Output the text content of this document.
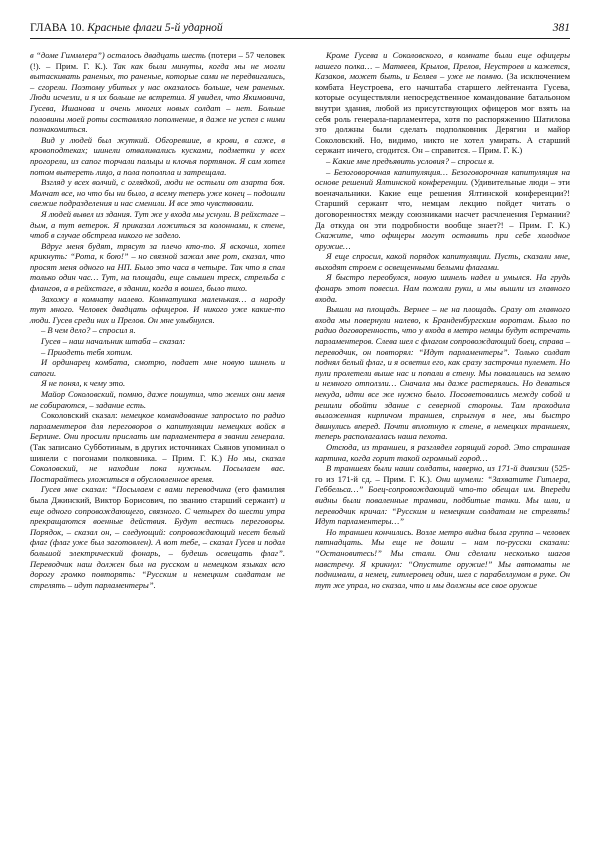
ГЛАВА 10. Красные флаги 5-й ударной	381

в “доме Гиммлера”) осталось двадцать шесть (потери – 57 человек (!). – Прим. Г. К.). Так как были минуты, когда мы не могли вытаскивать раненых, то раненые, которые сами не передвигались, – сгорели. Поэтому убитых у нас оказалось больше, чем раненых. Люди исчезли, и я их больше не встретил. Я увидел, что Якимовича, Гусева, Ишанова и очень многих новых солдат – нет. Больше половины моей роты составляло пополнение, я даже не успел с ними познакомиться.

Вид у людей был жуткий. Обгоревшие, в крови, в саже, в кровоподтеках; шинели отваливались кусками, подметки у всех прогорели, из сапог торчали пальцы и клочья портянок. Я сам хотел потом вытереть лицо, а пола пополпла и затрещала.

Взгляд у всех волчий, с оглядкой, люди не остыли от азарта боя. Молчат все, но что бы ни было, а всему теперь уже конец – подошли свежие подразделения и нас сменили. И все это чувствовали.

Я людей вывел из здания. Тут же у входа мы уснули. В рейхстаге – дым, а тут ветерок. Я приказал ложиться за колоннами, к стене, чтоб в случае обстрела никого не задело.

Вдруг меня будят, трясут за плечо кто-то. Я вскочил, хотел крикнуть: “Рота, к бою!” – но связной зажал мне рот, сказал, что просят меня одного на НП. Было это часа в четыре. Так что я спал только один час… Тут, на площади, еще слышен треск, стрельба с флангов, а в рейхстаге, в здании, когда я вошел, было тихо.

Захожу в комнату налево. Комнатушка маленькая… а народу тут много. Человек двадцать офицеров. И никого уже какие-то люди. Гусев среди них и Прелов. Он мне улыбнулся.

– В чем дело? – спросил я.

Гусев – наш начальник штаба – сказал:

– Приодеть тебя хотим.

И ординарец комбата, смотрю, подает мне новую шинель и сапоги.

Я не понял, к чему это.

Майор Соколовский, помню, даже пошутил, что жених они меня не собираются, – задание есть.

Соколовский сказал: немецкое командование запросило по радио парламентеров для переговоров о капитуляции немецких войск в Берлине. Они просили прислать им парламентера в звании генерала. (Так записано Субботиным, в других источниках Сьянов упоминал о шинели с погонами полковника. – Прим. Г. К.) Но мы, сказал Соколовский, не находим пока нужным. Посылаем вас. Постарайтесь уложиться в обусловленное время.

Гусев мне сказал: “Посылаем с вами переводчика (его фамилия была Джинский, Виктор Борисович, по званию старший сержант) и еще одного сопровождающего, связного. С четырех до шести утра прекращаются военные действия. Будут вестись переговоры. Порядок, – сказал он, – следующий: сопровождающий несет белый флаг (флаг уже был заготовлен). А вот тебе, – сказал Гусев и подал большой электрический фонарь, – будешь освещать флаг”. Переводчик наш должен был на русском и немецком языках всю дорогу громко повторять: “Русским и немецким солдатам не стрелять – идут парламентеры”.

Кроме Гусева и Соколовского, в комнате были еще офицеры нашего полка… – Матвеев, Крылов, Прелов, Неустроев и кажется, Казаков, может быть, и Беляев – уже не помню. (За исключением комбата Неустроева, его начштаба старшего лейтенанта Гусева, которые осуществляли непосредственное командование батальоном внутри здания, любой из присутствующих офицеров мог взять на себя роль генерала-парламентера, хотя по распоряжению Шатилова это должны были сделать подполковник Дерягин и майор Соколовский. Но, видимо, никто не хотел умирать. А старший сержант ничего, сгодится. Он – справится. – Прим. Г. К.)

– Какие мне предъявить условия? – спросил я.

– Безоговорочная капитуляция… Безоговорочная капитуляция на основе решений Ялтинской конференции. (Удивительные люди – эти военачальники. Какие еще решения Ялтинской конференции?! Старший сержант что, немцам лекцию пойдет читать о договоренностях между союзниками насчет расчленения Германии? Да откуда он эти подробности вообще знает?! – Прим. Г. К.) Скажите, что офицеры могут оставить при себе холодное оружие…

Я еще спросил, какой порядок капитуляции. Пусть, сказали мне, выходят строем с освещенными белыми флагами.

Я быстро переобулся, новую шинель надел и умылся. На грудь фонарь этот повесил. Нам пожали руки, и мы вышли из главного входа.

Вышли на площадь. Вернее – не на площадь. Сразу от главного входа мы повернули налево, к Бранденбургским воротам. Было по радио договоренность, что у входа в метро немцы будут встречать парламентеров. Слева шел с флагом сопровождающий боец, справа – переводчик, он повторял: “Идут парламентеры”. Только солдат поднял белый флаг, и я осветил его, как сразу застрочил пулемет. Но пули пролетели выше нас и попали в стену. Мы повалились на землю и немного отползли… Сначала мы даже растерялись. Но деваться некуда, идти все же нужно было. Посоветовались между собой и решили обойти здание с северной стороны. Там проходила выложенная кирпичом траншея, спрыгнув в нее, мы быстро двинулись вперед. Почти вплотную к стене, в немецких траншеях, теперь располагалась наша пехота.

Отсюда, из траншеи, я разглядел горящий город. Это страшная картина, когда горит такой огромный город…

В траншеях были наши солдаты, наверно, из 171-й дивизии (525-го из 171-й сд. – Прим. Г. К.). Они шумели: “Захватите Гитлера, Геббельса…” Боец-сопровождающий что-то обещал им. Впереди видны были поваленные трамваи, подбитые танки. Мы шли, и переводчик кричал: “Русским и немецким солдатам не стрелять! Идут парламентеры…”

Но траншеи кончились. Возле метро видна была группа – человек пятнадцать. Мы еще не дошли – нам по-русски сказали: “Остановитесь!” Мы стали. Они сделали несколько шагов навстречу. Я крикнул: “Опустите оружие!” Мы автоматы не поднимали, а немец, гитлеровец один, шел с парабеллумом в руке. Он тут же упрал, но сказал, что и мы должны все свое оружие
